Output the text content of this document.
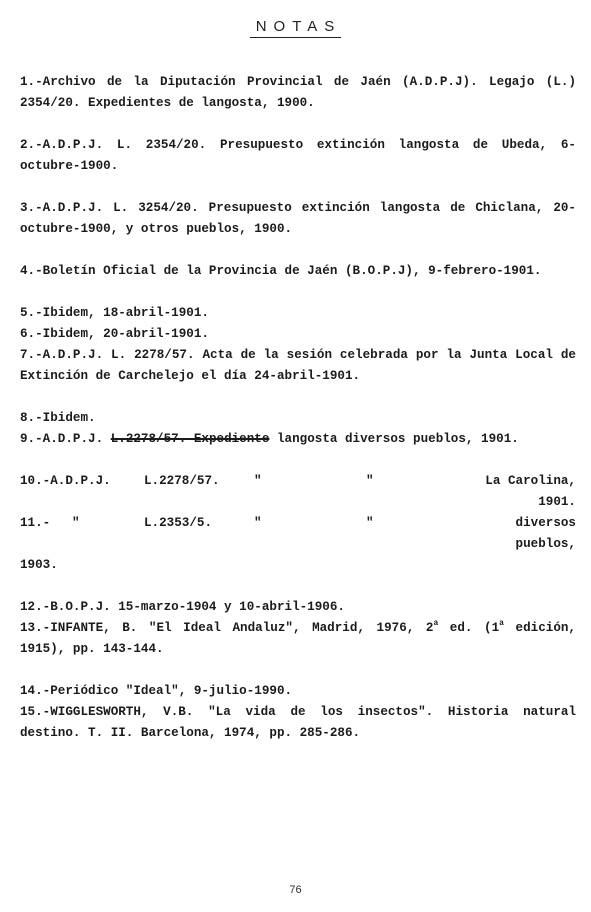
NOTAS
1.-Archivo de la Diputación Provincial de Jaén (A.D.P.J). Legajo (L.) 2354/20. Expedientes de langosta, 1900.
2.-A.D.P.J. L. 2354/20. Presupuesto extinción langosta de Ubeda, 6-octubre-1900.
3.-A.D.P.J. L. 3254/20. Presupuesto extinción langosta de Chiclana, 20-octubre-1900, y otros pueblos, 1900.
4.-Boletín Oficial de la Provincia de Jaén (B.O.P.J), 9-febrero-1901.
5.-Ibidem, 18-abril-1901.
6.-Ibidem, 20-abril-1901.
7.-A.D.P.J. L. 2278/57. Acta de la sesión celebrada por la Junta Local de Extinción de Carchelejo el día 24-abril-1901.
8.-Ibidem.
9.-A.D.P.J. L.2278/57. Expediente langosta diversos pueblos, 1901.
10.-A.D.P.J.	L.2278/57.	"	"	La Carolina, 1901.
11.-	"	L.2353/5.	"	"	diversos pueblos,
1903.
12.-B.O.P.J. 15-marzo-1904 y 10-abril-1906.
13.-INFANTE, B. "El Ideal Andaluz", Madrid, 1976, 2$^a$ ed. (1$^a$ edición, 1915), pp. 143-144.
14.-Periódico "Ideal", 9-julio-1990.
15.-WIGGLESWORTH, V.B. "La vida de los insectos". Historia natural destino. T. II. Barcelona, 1974, pp. 285-286.
76
